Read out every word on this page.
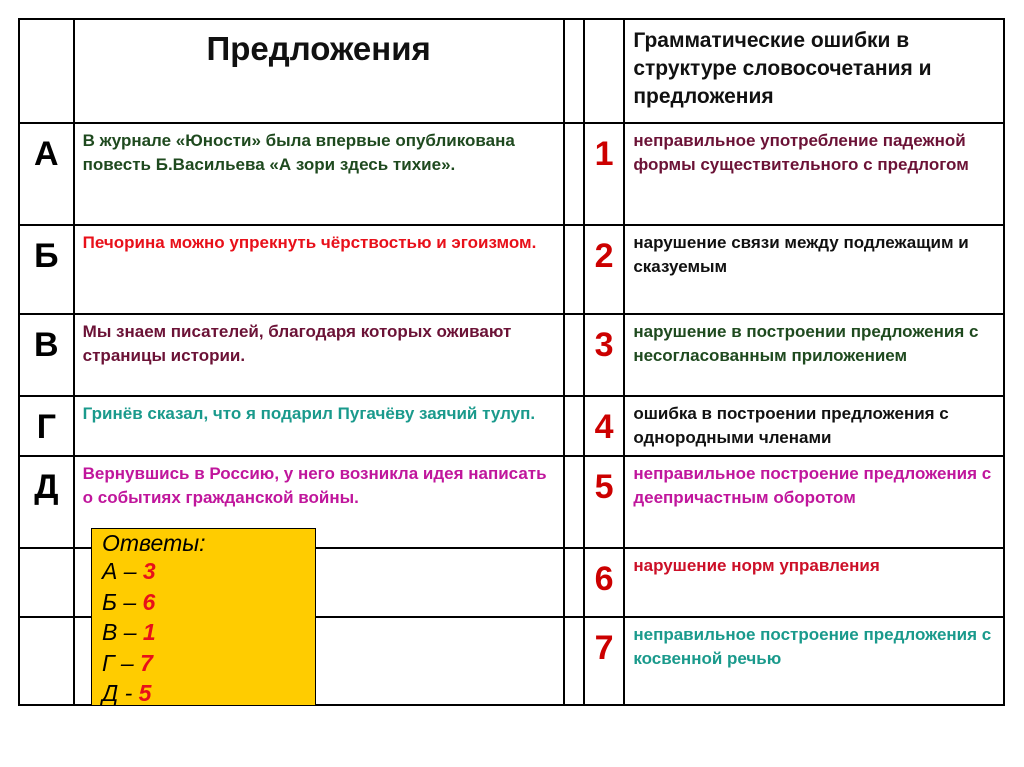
	Предложения			Грамматические ошибки в структуре словосочетания и предложения
А	В журнале «Юности» была впервые опубликована повесть Б.Васильева «А зори здесь тихие».		1	неправильное употребление падежной формы существительного с предлогом
Б	Печорина можно упрекнуть чёрствостью и эгоизмом.		2	нарушение связи между подлежащим и сказуемым
В	Мы знаем писателей, благодаря которых оживают страницы истории.		3	нарушение в построении предложения с несогласованным приложением
Г	Гринёв сказал, что я подарил Пугачёву заячий тулуп.		4	ошибка в построении предложения с однородными членами
Д	Вернувшись в Россию, у него возникла идея написать о событиях гражданской войны.		5	неправильное построение предложения с деепричастным оборотом
			6	нарушение норм управления
			7	неправильное построение предложения с косвенной речью
Ответы:
А – 3
Б – 6
В – 1
Г – 7
Д - 5
